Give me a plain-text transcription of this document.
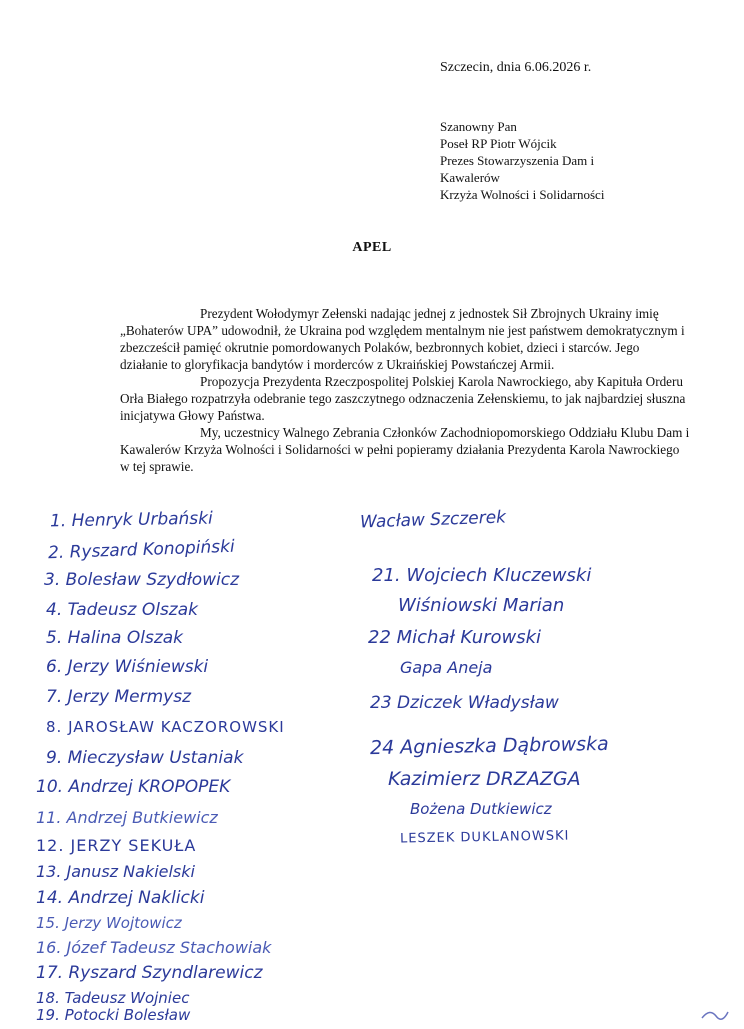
Szczecin, dnia 6.06.2026 r.
Szanowny Pan
Poseł RP Piotr Wójcik
Prezes Stowarzyszenia Dam i
Kawalerów
Krzyża Wolności i Solidarności
APEL

Prezydent Wołodymyr Zełenski nadając jednej z jednostek Sił Zbrojnych Ukrainy imię „Bohaterów UPA” udowodnił, że Ukraina pod względem mentalnym nie jest państwem demokratycznym i zbezcześcił pamięć okrutnie pomordowanych Polaków, bezbronnych kobiet, dzieci i starców. Jego działanie to gloryfikacja bandytów i morderców z Ukraińskiej Powstańczej Armii.

Propozycja Prezydenta Rzeczpospolitej Polskiej Karola Nawrockiego, aby Kapituła Orderu Orła Białego rozpatrzyła odebranie tego zaszczytnego odznaczenia Zełenskiemu, to jak najbardziej słuszna inicjatywa Głowy Państwa.

My, uczestnicy Walnego Zebrania Członków Zachodniopomorskiego Oddziału Klubu Dam i Kawalerów Krzyża Wolności i Solidarności w pełni popieramy działania Prezydenta Karola Nawrockiego w tej sprawie.

1. Henryk Urbański
2. Ryszard Konopiński
3. Bolesław Szydłowicz
4. Tadeusz Olszak
5. Halina Olszak
6. Jerzy Wiśniewski
7. Jerzy Mermysz
8. JAROSŁAW KACZOROWSKI
9. Mieczysław Ustaniak
10. Andrzej KROPOPEK
11. Andrzej Butkiewicz
12. JERZY SEKUŁA
13. Janusz Nakielski
14. Andrzej Naklicki
15. Jerzy Wojtowicz
16. Józef Tadeusz Stachowiak
17. Ryszard Szyndlarewicz
18. Tadeusz Wojniec
19. Potocki Bolesław
Wacław Szczerek
21. Wojciech Kluczewski
Wiśniowski Marian
22 Michał Kurowski
Gapa Aneja
23 Dziczek Władysław
24 Agnieszka Dąbrowska
Kazimierz DRZAZGA
Bożena Dutkiewicz
LESZEK DUKLANOWSKI
